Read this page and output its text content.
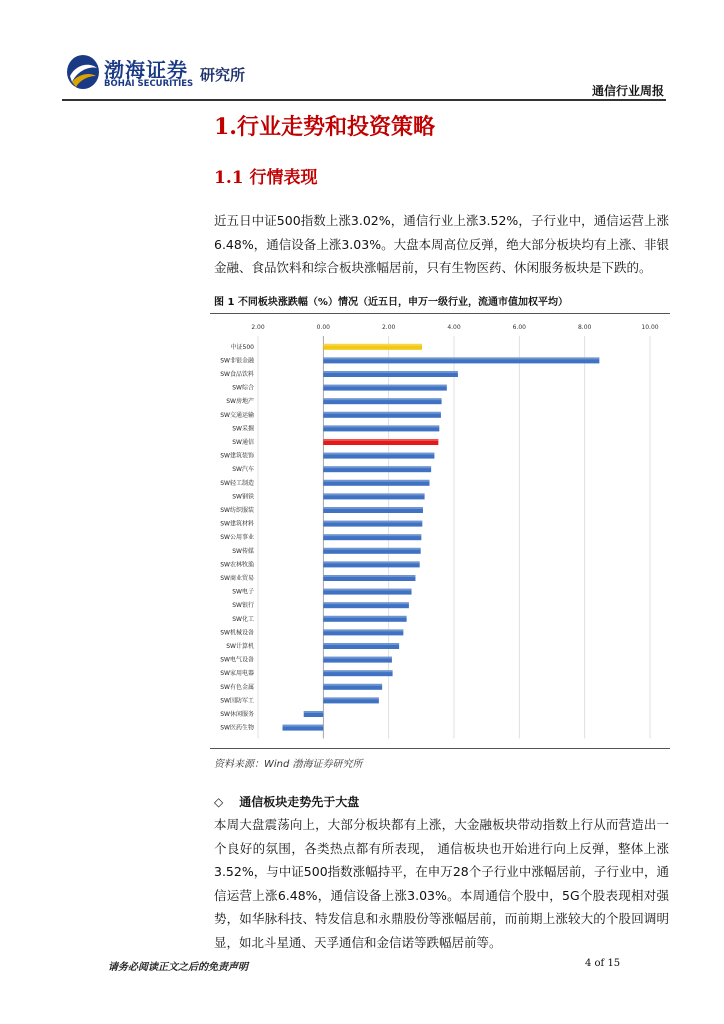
渤海证券
BOHAI SECURITIES 研究所
通信行业周报
1.行业走势和投资策略
1.1 行情表现
近五日中证500指数上涨3.02%，通信行业上涨3.52%，子行业中，通信运营上涨6.48%，通信设备上涨3.03%。大盘本周高位反弹，绝大部分板块均有上涨、非银金融、食品饮料和综合板块涨幅居前，只有生物医药、休闲服务板块是下跌的。
图 1 不同板块涨跌幅（%）情况（近五日，申万一级行业，流通市值加权平均）
2.00	0.00	2.00	4.00	6.00	8.00	10.00
中证500
SW非银金融
SW食品饮料
SW综合
SW房地产
SW交通运输
SW采掘
SW通信
SW建筑装饰
SW汽车
SW轻工制造
SW钢铁
SW纺织服装
SW建筑材料
SW公用事业
SW传媒
SW农林牧渔
SW商业贸易
SW电子
SW银行
SW化工
SW机械设备
SW计算机
SW电气设备
SW家用电器
SW有色金属
SW国防军工
SW休闲服务
SW医药生物
资料来源：Wind 渤海证券研究所
◇ 通信板块走势先于大盘
本周大盘震荡向上，大部分板块都有上涨，大金融板块带动指数上行从而营造出一个良好的氛围，各类热点都有所表现， 通信板块也开始进行向上反弹，整体上涨3.52%，与中证500指数涨幅持平，在申万28个子行业中涨幅居前，子行业中，通信运营上涨6.48%，通信设备上涨3.03%。本周通信个股中，5G个股表现相对强势，如华脉科技、特发信息和永鼎股份等涨幅居前，而前期上涨较大的个股回调明显，如北斗星通、天孚通信和金信诺等跌幅居前等。
请务必阅读正文之后的免责声明	4 of 15
